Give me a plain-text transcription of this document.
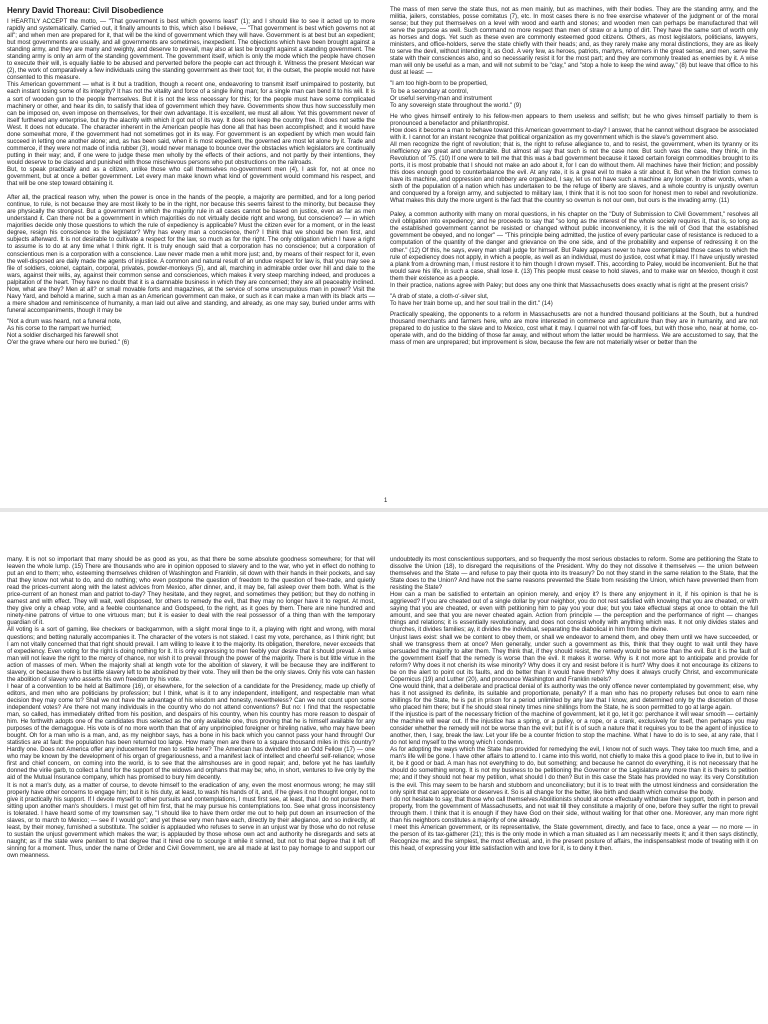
Henry David Thoreau: Civil Disobedience

I HEARTILY ACCEPT the motto, — "That government is best which governs least" (1); and I should like to see it acted up to more rapidly and systematically. Carried out, it finally amounts to this, which also I believe, — "That government is best which governs not at all"; and when men are prepared for it, that will be the kind of government which they will have. Government is at best but an expedient; but most governments are usually, and all governments are sometimes, inexpedient. The objections which have been brought against a standing army, and they are many and weighty, and deserve to prevail, may also at last be brought against a standing government. The standing army is only an arm of the standing government. The government itself, which is only the mode which the people have chosen to execute their will, is equally liable to be abused and perverted before the people can act through it. Witness the present Mexican war (2), the work of comparatively a few individuals using the standing government as their tool; for, in the outset, the people would not have consented to this measure.

This American government — what is it but a tradition, though a recent one, endeavoring to transmit itself unimpaired to posterity, but each instant losing some of its integrity? It has not the vitality and force of a single living man; for a single man can bend it to his will. It is a sort of wooden gun to the people themselves. But it is not the less necessary for this; for the people must have some complicated machinery or other, and hear its din, to satisfy that idea of government which they have. Governments show thus how successfully men can be imposed on, even impose on themselves, for their own advantage. It is excellent, we must all allow. Yet this government never of itself furthered any enterprise, but by the alacrity with which it got out of its way. It does not keep the country free. It does not settle the West. It does not educate. The character inherent in the American people has done all that has been accomplished; and it would have done somewhat more, if the government had not sometimes got in its way. For government is an expedient by which men would fain succeed in letting one another alone; and, as has been said, when it is most expedient, the governed are most let alone by it. Trade and commerce, if they were not made of india rubber (3), would never manage to bounce over the obstacles which legislators are continually putting in their way; and, if one were to judge these men wholly by the effects of their actions, and not partly by their intentions, they would deserve to be classed and punished with those mischievous persons who put obstructions on the railroads.

But, to speak practically and as a citizen, unlike those who call themselves no-government men (4), I ask for, not at once no government, but at once a better government. Let every man make known what kind of government would command his respect, and that will be one step toward obtaining it.

After all, the practical reason why, when the power is once in the hands of the people, a majority are permitted, and for a long period continue, to rule, is not because they are most likely to be in the right, nor because this seems fairest to the minority, but because they are physically the strongest. But a government in which the majority rule in all cases cannot be based on justice, even as far as men understand it. Can there not be a government in which majorities do not virtually decide right and wrong, but conscience? — in which majorities decide only those questions to which the rule of expediency is applicable? Must the citizen ever for a moment, or in the least degree, resign his conscience to the legislator? Why has every man a conscience, then? I think that we should be men first, and subjects afterward. It is not desirable to cultivate a respect for the law, so much as for the right. The only obligation which I have a right to assume is to do at any time what I think right. It is truly enough said that a corporation has no conscience; but a corporation of conscientious men is a corporation with a conscience. Law never made men a whit more just; and, by means of their respect for it, even the well-disposed are daily made the agents of injustice. A common and natural result of an undue respect for law is, that you may see a file of soldiers, colonel, captain, corporal, privates, powder-monkeys (5), and all, marching in admirable order over hill and dale to the wars, against their wills, ay, against their common sense and consciences, which makes it very steep marching indeed, and produces a palpitation of the heart. They have no doubt that it is a damnable business in which they are concerned; they are all peaceably inclined. Now, what are they? Men at all? or small movable forts and magazines, at the service of some unscrupulous man in power? Visit the Navy Yard, and behold a marine, such a man as an American government can make, or such as it can make a man with its black arts — a mere shadow and reminiscence of humanity, a man laid out alive and standing, and already, as one may say, buried under arms with funeral accompaniments, though it may be

"Not a drum was heard, not a funeral note,
As his corse to the rampart we hurried;
Not a soldier discharged his farewell shot
O'er the grave where our hero we buried." (6)

The mass of men serve the state thus, not as men mainly, but as machines, with their bodies. They are the standing army, and the militia, jailers, constables, posse comitatus (7), etc. In most cases there is no free exercise whatever of the judgment or of the moral sense; but they put themselves on a level with wood and earth and stones; and wooden men can perhaps be manufactured that will serve the purpose as well. Such command no more respect than men of straw or a lump of dirt. They have the same sort of worth only as horses and dogs. Yet such as these even are commonly esteemed good citizens. Others, as most legislators, politicians, lawyers, ministers, and office-holders, serve the state chiefly with their heads; and, as they rarely make any moral distinctions, they are as likely to serve the devil, without intending it, as God. A very few, as heroes, patriots, martyrs, reformers in the great sense, and men, serve the state with their consciences also, and so necessarily resist it for the most part; and they are commonly treated as enemies by it. A wise man will only be useful as a man, and will not submit to be "clay," and "stop a hole to keep the wind away," (8) but leave that office to his dust at least: —

"I am too high-born to be propertied,
To be a secondary at control,
Or useful serving-man and instrument
To any sovereign state throughout the world." (9)

He who gives himself entirely to his fellow-men appears to them useless and selfish; but he who gives himself partially to them is pronounced a benefactor and philanthropist.

How does it become a man to behave toward this American government to-day? I answer, that he cannot without disgrace be associated with it. I cannot for an instant recognize that political organization as my government which is the slave's government also.

All men recognize the right of revolution; that is, the right to refuse allegiance to, and to resist, the government, when its tyranny or its inefficiency are great and unendurable. But almost all say that such is not the case now. But such was the case, they think, in the Revolution of '75. (10) If one were to tell me that this was a bad government because it taxed certain foreign commodities brought to its ports, it is most probable that I should not make an ado about it, for I can do without them. All machines have their friction; and possibly this does enough good to counterbalance the evil. At any rate, it is a great evil to make a stir about it. But when the friction comes to have its machine, and oppression and robbery are organized, I say, let us not have such a machine any longer. In other words, when a sixth of the population of a nation which has undertaken to be the refuge of liberty are slaves, and a whole country is unjustly overrun and conquered by a foreign army, and subjected to military law, I think that it is not too soon for honest men to rebel and revolutionize. What makes this duty the more urgent is the fact that the country so overrun is not our own, but ours is the invading army. (11)

Paley, a common authority with many on moral questions, in his chapter on the "Duty of Submission to Civil Government," resolves all civil obligation into expediency; and he proceeds to say that "so long as the interest of the whole society requires it, that is, so long as the established government cannot be resisted or changed without public inconveniency, it is the will of God that the established government be obeyed, and no longer" — "This principle being admitted, the justice of every particular case of resistance is reduced to a computation of the quantity of the danger and grievance on the one side, and of the probability and expense of redressing it on the other." (12) Of this, he says, every man shall judge for himself. But Paley appears never to have contemplated those cases to which the rule of expediency does not apply, in which a people, as well as an individual, must do justice, cost what it may. If I have unjustly wrested a plank from a drowning man, I must restore it to him though I drown myself. This, according to Paley, would be inconvenient. But he that would save his life, in such a case, shall lose it. (13) This people must cease to hold slaves, and to make war on Mexico, though it cost them their existence as a people.

In their practice, nations agree with Paley; but does any one think that Massachusetts does exactly what is right at the present crisis?

"A drab of state, a cloth-o'-silver slut,
To have her train borne up, and her soul trail in the dirt." (14)

Practically speaking, the opponents to a reform in Massachusetts are not a hundred thousand politicians at the South, but a hundred thousand merchants and farmers here, who are more interested in commerce and agriculture than they are in humanity, and are not prepared to do justice to the slave and to Mexico, cost what it may. I quarrel not with far-off foes, but with those who, near at home, co-operate with, and do the bidding of those far away, and without whom the latter would be harmless. We are accustomed to say, that the mass of men are unprepared; but improvement is slow, because the few are not materially wiser or better than the

1

many. It is not so important that many should be as good as you, as that there be some absolute goodness somewhere; for that will leaven the whole lump. (15) There are thousands who are in opinion opposed to slavery and to the war, who yet in effect do nothing to put an end to them; who, esteeming themselves children of Washington and Franklin, sit down with their hands in their pockets, and say that they know not what to do, and do nothing; who even postpone the question of freedom to the question of free-trade, and quietly read the prices-current along with the latest advices from Mexico, after dinner, and, it may be, fall asleep over them both. What is the price-current of an honest man and patriot to-day? They hesitate, and they regret, and sometimes they petition; but they do nothing in earnest and with effect. They will wait, well disposed, for others to remedy the evil, that they may no longer have it to regret. At most, they give only a cheap vote, and a feeble countenance and Godspeed, to the right, as it goes by them. There are nine hundred and ninety-nine patrons of virtue to one virtuous man; but it is easier to deal with the real possessor of a thing than with the temporary guardian of it.

All voting is a sort of gaming, like checkers or backgammon, with a slight moral tinge to it, a playing with right and wrong, with moral questions; and betting naturally accompanies it. The character of the voters is not staked. I cast my vote, perchance, as I think right; but I am not vitally concerned that that right should prevail. I am willing to leave it to the majority. Its obligation, therefore, never exceeds that of expediency. Even voting for the right is doing nothing for it. It is only expressing to men feebly your desire that it should prevail. A wise man will not leave the right to the mercy of chance, nor wish it to prevail through the power of the majority. There is but little virtue in the action of masses of men. When the majority shall at length vote for the abolition of slavery, it will be because they are indifferent to slavery, or because there is but little slavery left to be abolished by their vote. They will then be the only slaves. Only his vote can hasten the abolition of slavery who asserts his own freedom by his vote.

I hear of a convention to be held at Baltimore (16), or elsewhere, for the selection of a candidate for the Presidency, made up chiefly of editors, and men who are politicians by profession; but I think, what is it to any independent, intelligent, and respectable man what decision they may come to? Shall we not have the advantage of his wisdom and honesty, nevertheless? Can we not count upon some independent votes? Are there not many individuals in the country who do not attend conventions? But no: I find that the respectable man, so called, has immediately drifted from his position, and despairs of his country, when his country has more reason to despair of him. He forthwith adopts one of the candidates thus selected as the only available one, thus proving that he is himself available for any purposes of the demagogue. His vote is of no more worth than that of any unprincipled foreigner or hireling native, who may have been bought. Oh for a man who is a man, and, as my neighbor says, has a bone in his back which you cannot pass your hand through! Our statistics are at fault: the population has been returned too large. How many men are there to a square thousand miles in this country? Hardly one. Does not America offer any inducement for men to settle here? The American has dwindled into an Odd Fellow (17) — one who may be known by the development of his organ of gregariousness, and a manifest lack of intellect and cheerful self-reliance; whose first and chief concern, on coming into the world, is to see that the almshouses are in good repair; and, before yet he has lawfully donned the virile garb, to collect a fund for the support of the widows and orphans that may be; who, in short, ventures to live only by the aid of the Mutual Insurance company, which has promised to bury him decently.

It is not a man's duty, as a matter of course, to devote himself to the eradication of any, even the most enormous wrong; he may still properly have other concerns to engage him; but it is his duty, at least, to wash his hands of it, and, if he gives it no thought longer, not to give it practically his support. If I devote myself to other pursuits and contemplations, I must first see, at least, that I do not pursue them sitting upon another man's shoulders. I must get off him first, that he may pursue his contemplations too. See what gross inconsistency is tolerated. I have heard some of my townsmen say, "I should like to have them order me out to help put down an insurrection of the slaves, or to march to Mexico; — see if I would go"; and yet these very men have each, directly by their allegiance, and so indirectly, at least, by their money, furnished a substitute. The soldier is applauded who refuses to serve in an unjust war by those who do not refuse to sustain the unjust government which makes the war; is applauded by those whose own act and authority he disregards and sets at naught; as if the state were penitent to that degree that it hired one to scourge it while it sinned, but not to that degree that it left off sinning for a moment. Thus, under the name of Order and Civil Government, we are all made at last to pay homage to and support our own meanness.

undoubtedly its most conscientious supporters, and so frequently the most serious obstacles to reform. Some are petitioning the State to dissolve the Union (18), to disregard the requisitions of the President. Why do they not dissolve it themselves — the union between themselves and the State — and refuse to pay their quota into its treasury? Do not they stand in the same relation to the State, that the State does to the Union? And have not the same reasons prevented the State from resisting the Union, which have prevented them from resisting the State?

How can a man be satisfied to entertain an opinion merely, and enjoy it? Is there any enjoyment in it, if his opinion is that he is aggrieved? If you are cheated out of a single dollar by your neighbor, you do not rest satisfied with knowing that you are cheated, or with saying that you are cheated, or even with petitioning him to pay you your due; but you take effectual steps at once to obtain the full amount, and see that you are never cheated again. Action from principle — the perception and the performance of right — changes things and relations; it is essentially revolutionary, and does not consist wholly with anything which was. It not only divides states and churches, it divides families; ay, it divides the individual, separating the diabolical in him from the divine.

Unjust laws exist: shall we be content to obey them, or shall we endeavor to amend them, and obey them until we have succeeded, or shall we transgress them at once? Men generally, under such a government as this, think that they ought to wait until they have persuaded the majority to alter them. They think that, if they should resist, the remedy would be worse than the evil. But it is the fault of the government itself that the remedy is worse than the evil. It makes it worse. Why is it not more apt to anticipate and provide for reform? Why does it not cherish its wise minority? Why does it cry and resist before it is hurt? Why does it not encourage its citizens to be on the alert to point out its faults, and do better than it would have them? Why does it always crucify Christ, and excommunicate Copernicus (19) and Luther (20), and pronounce Washington and Franklin rebels?

One would think, that a deliberate and practical denial of its authority was the only offence never contemplated by government; else, why has it not assigned its definite, its suitable and proportionate, penalty? If a man who has no property refuses but once to earn nine shillings for the State, he is put in prison for a period unlimited by any law that I know, and determined only by the discretion of those who placed him there; but if he should steal ninety times nine shillings from the State, he is soon permitted to go at large again.

If the injustice is part of the necessary friction of the machine of government, let it go, let it go: perchance it will wear smooth — certainly the machine will wear out. If the injustice has a spring, or a pulley, or a rope, or a crank, exclusively for itself, then perhaps you may consider whether the remedy will not be worse than the evil; but if it is of such a nature that it requires you to be the agent of injustice to another, then, I say, break the law. Let your life be a counter friction to stop the machine. What I have to do is to see, at any rate, that I do not lend myself to the wrong which I condemn.

As for adopting the ways which the State has provided for remedying the evil, I know not of such ways. They take too much time, and a man's life will be gone. I have other affairs to attend to. I came into this world, not chiefly to make this a good place to live in, but to live in it, be it good or bad. A man has not everything to do, but something; and because he cannot do everything, it is not necessary that he should do something wrong. It is not my business to be petitioning the Governor or the Legislature any more than it is theirs to petition me; and if they should not hear my petition, what should I do then? But in this case the State has provided no way: its very Constitution is the evil. This may seem to be harsh and stubborn and unconciliatory; but it is to treat with the utmost kindness and consideration the only spirit that can appreciate or deserves it. So is all change for the better, like birth and death which convulse the body.

I do not hesitate to say, that those who call themselves Abolitionists should at once effectually withdraw their support, both in person and property, from the government of Massachusetts, and not wait till they constitute a majority of one, before they suffer the right to prevail through them. I think that it is enough if they have God on their side, without waiting for that other one. Moreover, any man more right than his neighbors constitutes a majority of one already.

I meet this American government, or its representative, the State government, directly, and face to face, once a year — no more — in the person of its tax-gatherer (21); this is the only mode in which a man situated as I am necessarily meets it; and it then says distinctly, Recognize me; and the simplest, the most effectual, and, in the present posture of affairs, the indispensablest mode of treating with it on this head, of expressing your little satisfaction with and love for it, is to deny it then.
